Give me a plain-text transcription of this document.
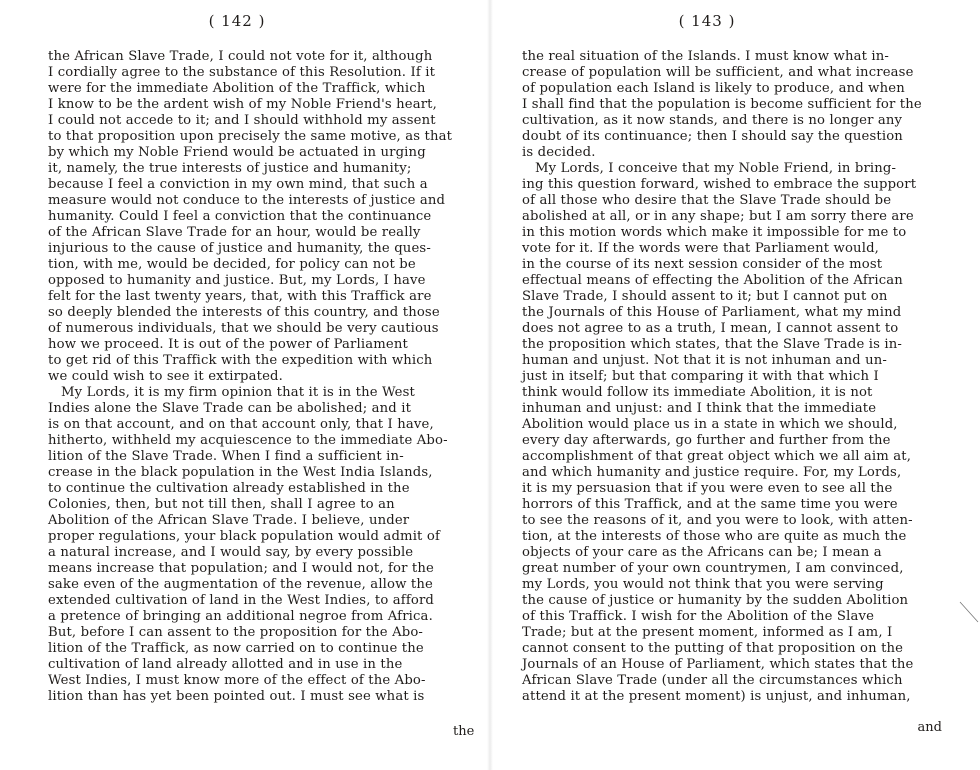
( 142 )
the African Slave Trade, I could not vote for it, although
I cordially agree to the substance of this Resolution. If it
were for the immediate Abolition of the Traffick, which
I know to be the ardent wish of my Noble Friend's heart,
I could not accede to it; and I should withhold my assent
to that proposition upon precisely the same motive, as that
by which my Noble Friend would be actuated in urging
it, namely, the true interests of justice and humanity;
because I feel a conviction in my own mind, that such a
measure would not conduce to the interests of justice and
humanity. Could I feel a conviction that the continuance
of the African Slave Trade for an hour, would be really
injurious to the cause of justice and humanity, the ques-
tion, with me, would be decided, for policy can not be
opposed to humanity and justice. But, my Lords, I have
felt for the last twenty years, that, with this Traffick are
so deeply blended the interests of this country, and those
of numerous individuals, that we should be very cautious
how we proceed. It is out of the power of Parliament
to get rid of this Traffick with the expedition with which
we could wish to see it extirpated.
My Lords, it is my firm opinion that it is in the West
Indies alone the Slave Trade can be abolished; and it
is on that account, and on that account only, that I have,
hitherto, withheld my acquiescence to the immediate Abo-
lition of the Slave Trade. When I find a sufficient in-
crease in the black population in the West India Islands,
to continue the cultivation already established in the
Colonies, then, but not till then, shall I agree to an
Abolition of the African Slave Trade. I believe, under
proper regulations, your black population would admit of
a natural increase, and I would say, by every possible
means increase that population; and I would not, for the
sake even of the augmentation of the revenue, allow the
extended cultivation of land in the West Indies, to afford
a pretence of bringing an additional negroe from Africa.
But, before I can assent to the proposition for the Abo-
lition of the Traffick, as now carried on to continue the
cultivation of land already allotted and in use in the
West Indies, I must know more of the effect of the Abo-
lition than has yet been pointed out. I must see what is
the
( 143 )
the real situation of the Islands. I must know what in-
crease of population will be sufficient, and what increase
of population each Island is likely to produce, and when
I shall find that the population is become sufficient for the
cultivation, as it now stands, and there is no longer any
doubt of its continuance; then I should say the question
is decided.
My Lords, I conceive that my Noble Friend, in bring-
ing this question forward, wished to embrace the support
of all those who desire that the Slave Trade should be
abolished at all, or in any shape; but I am sorry there are
in this motion words which make it impossible for me to
vote for it. If the words were that Parliament would,
in the course of its next session consider of the most
effectual means of effecting the Abolition of the African
Slave Trade, I should assent to it; but I cannot put on
the Journals of this House of Parliament, what my mind
does not agree to as a truth, I mean, I cannot assent to
the proposition which states, that the Slave Trade is in-
human and unjust. Not that it is not inhuman and un-
just in itself; but that comparing it with that which I
think would follow its immediate Abolition, it is not
inhuman and unjust: and I think that the immediate
Abolition would place us in a state in which we should,
every day afterwards, go further and further from the
accomplishment of that great object which we all aim at,
and which humanity and justice require. For, my Lords,
it is my persuasion that if you were even to see all the
horrors of this Traffick, and at the same time you were
to see the reasons of it, and you were to look, with atten-
tion, at the interests of those who are quite as much the
objects of your care as the Africans can be; I mean a
great number of your own countrymen, I am convinced,
my Lords, you would not think that you were serving
the cause of justice or humanity by the sudden Abolition
of this Traffick. I wish for the Abolition of the Slave
Trade; but at the present moment, informed as I am, I
cannot consent to the putting of that proposition on the
Journals of an House of Parliament, which states that the
African Slave Trade (under all the circumstances which
attend it at the present moment) is unjust, and inhuman,
and
